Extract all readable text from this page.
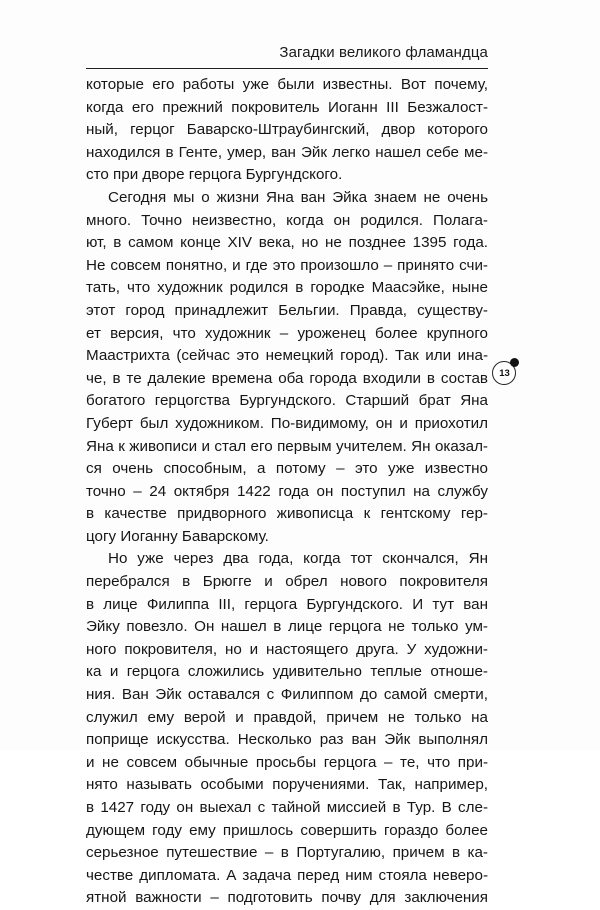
Загадки великого фламандца
которые его работы уже были известны. Вот почему,
когда его прежний покровитель Иоганн III Безжалост-
ный, герцог Баварско-Штраубингский, двор которого
находился в Генте, умер, ван Эйк легко нашел себе ме-
сто при дворе герцога Бургундского.
Сегодня мы о жизни Яна ван Эйка знаем не очень
много. Точно неизвестно, когда он родился. Полага-
ют, в самом конце XIV века, но не позднее 1395 года.
Не совсем понятно, и где это произошло – принято счи-
тать, что художник родился в городке Маасэйке, ныне
этот город принадлежит Бельгии. Правда, существу-
ет версия, что художник – уроженец более крупного
Маастрихта (сейчас это немецкий город). Так или ина-
че, в те далекие времена оба города входили в состав
богатого герцогства Бургундского. Старший брат Яна
Губерт был художником. По-видимому, он и приохотил
Яна к живописи и стал его первым учителем. Ян оказал-
ся очень способным, а потому – это уже известно
точно – 24 октября 1422 года он поступил на службу
в качестве придворного живописца к гентскому гер-
цогу Иоганну Баварскому.
Но уже через два года, когда тот скончался, Ян
перебрался в Брюгге и обрел нового покровителя
в лице Филиппа III, герцога Бургундского. И тут ван
Эйку повезло. Он нашел в лице герцога не только ум-
ного покровителя, но и настоящего друга. У художни-
ка и герцога сложились удивительно теплые отноше-
ния. Ван Эйк оставался с Филиппом до самой смерти,
служил ему верой и правдой, причем не только на
поприще искусства. Несколько раз ван Эйк выполнял
и не совсем обычные просьбы герцога – те, что при-
нято называть особыми поручениями. Так, например,
в 1427 году он выехал с тайной миссией в Тур. В сле-
дующем году ему пришлось совершить гораздо более
серьезное путешествие – в Португалию, причем в ка-
честве дипломата. А задача перед ним стояла неверо-
ятной важности – подготовить почву для заключения
13
